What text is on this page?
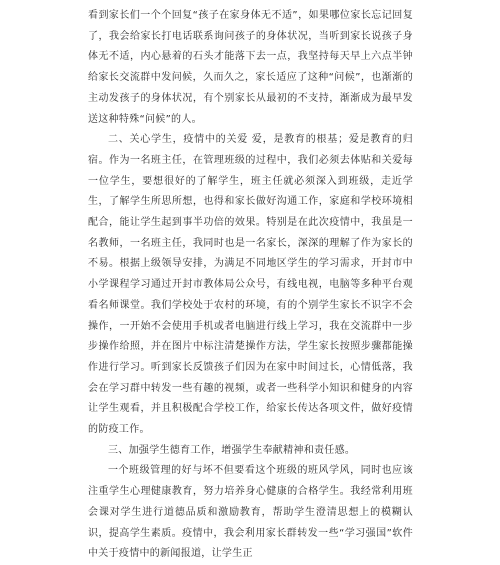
看到家长们一个个回复“孩子在家身体无不适”，如果哪位家长忘记回复了，我会给家长打电话联系询问孩子的身体状况，当听到家长说孩子身体无不适，内心悬着的石头才能落下去一点，我坚持每天早上六点半钟给家长交流群中发问候，久而久之，家长适应了这种“问候”，也渐渐的主动发孩子的身体状况，有个别家长从最初的不支持，渐渐成为最早发送这种特殊“问候”的人。

二、关心学生，疫情中的关爱 爱，是教育的根基；爱是教育的归宿。作为一名班主任，在管理班级的过程中，我们必须去体贴和关爱每一位学生，要想很好的了解学生，班主任就必须深入到班级，走近学生，了解学生所思所想，也得和家长做好沟通工作，家庭和学校环境相配合，能让学生起到事半功倍的效果。特别是在此次疫情中，我虽是一名教师，一名班主任，我同时也是一名家长，深深的理解了作为家长的不易。根据上级领导安排，为满足不同地区学生的学习需求，开封市中小学课程学习通过开封市教体局公众号，有线电视，电脑等多种平台观看名师课堂。我们学校处于农村的环境，有的个别学生家长不识字不会操作，一开始不会使用手机或者电脑进行线上学习，我在交流群中一步步操作给照，并在图片中标注清楚操作方法，学生家长按照步骤都能操作进行学习。听到家长反馈孩子们因为在家中时间过长，心情低落，我会在学习群中转发一些有趣的视频，或者一些科学小知识和健身的内容让学生观看，并且积极配合学校工作，给家长传达各项文件，做好疫情的防疫工作。

三、加强学生德育工作，增强学生奉献精神和责任感。

一个班级管理的好与坏不但要看这个班级的班风学风，同时也应该注重学生心理健康教育，努力培养身心健康的合格学生。我经常利用班会课对学生进行道德品质和激励教育，帮助学生澄清思想上的模糊认识，提高学生素质。疫情中，我会利用家长群转发一些“学习强国”软件中关于疫情中的新闻报道，让学生正
